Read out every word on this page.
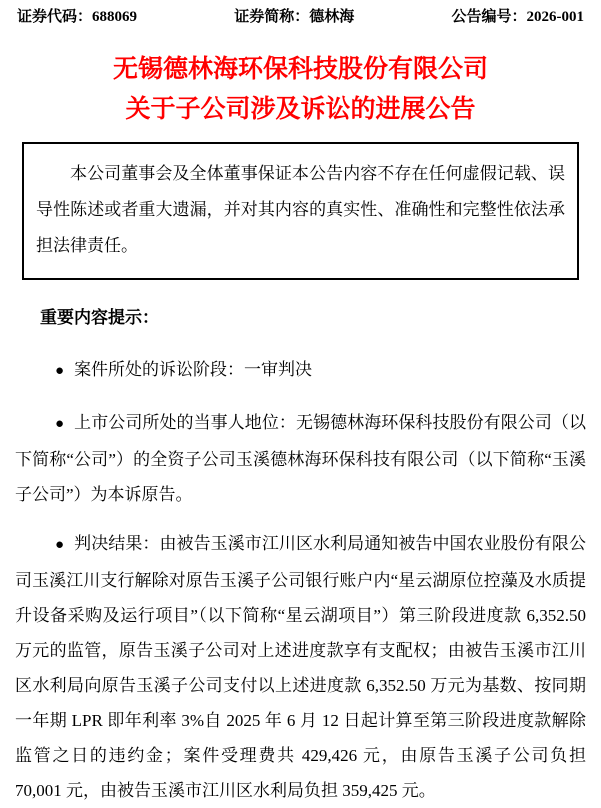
证券代码：688069	证券简称：德林海	公告编号：2026-001
无锡德林海环保科技股份有限公司
关于子公司涉及诉讼的进展公告

本公司董事会及全体董事保证本公告内容不存在任何虚假记载、误导性陈述或者重大遗漏，并对其内容的真实性、准确性和完整性依法承担法律责任。

重要内容提示：

● 案件所处的诉讼阶段：一审判决

● 上市公司所处的当事人地位：无锡德林海环保科技股份有限公司（以下简称“公司”）的全资子公司玉溪德林海环保科技有限公司（以下简称“玉溪子公司”）为本诉原告。

● 判决结果：由被告玉溪市江川区水利局通知被告中国农业股份有限公司玉溪江川支行解除对原告玉溪子公司银行账户内“星云湖原位控藻及水质提升设备采购及运行项目”（以下简称“星云湖项目”）第三阶段进度款 6,352.50 万元的监管，原告玉溪子公司对上述进度款享有支配权；由被告玉溪市江川区水利局向原告玉溪子公司支付以上述进度款 6,352.50 万元为基数、按同期一年期 LPR 即年利率 3%自 2025 年 6 月 12 日起计算至第三阶段进度款解除监管之日的违约金；案件受理费共 429,426 元，由原告玉溪子公司负担 70,001 元，由被告玉溪市江川区水利局负担 359,425 元。
